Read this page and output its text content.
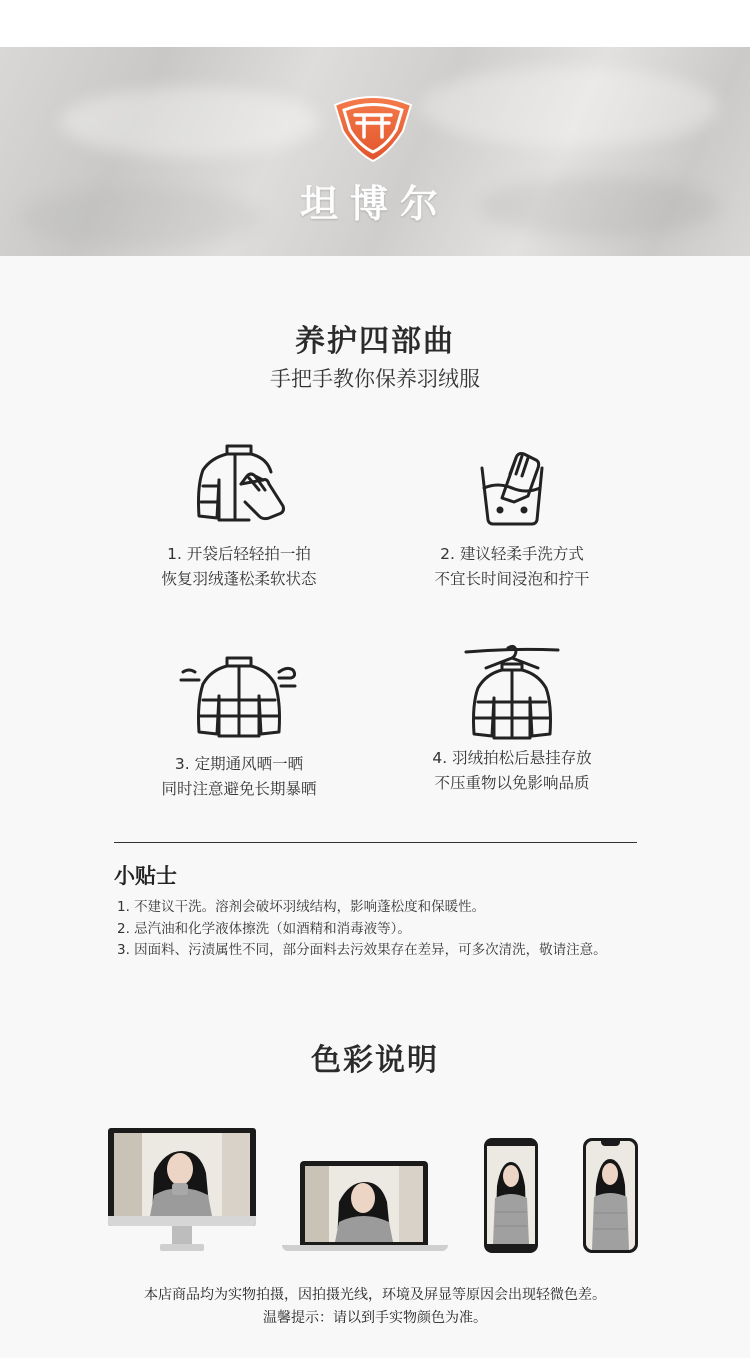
坦博尔
养护四部曲
手把手教你保养羽绒服
1. 开袋后轻轻拍一拍
恢复羽绒蓬松柔软状态
2. 建议轻柔手洗方式
不宜长时间浸泡和拧干
3. 定期通风晒一晒
同时注意避免长期暴晒
4. 羽绒拍松后悬挂存放
不压重物以免影响品质
小贴士
1. 不建议干洗。溶剂会破坏羽绒结构，影响蓬松度和保暖性。
2. 忌汽油和化学液体擦洗（如酒精和消毒液等）。
3. 因面料、污渍属性不同，部分面料去污效果存在差异，可多次清洗，敬请注意。
色彩说明
本店商品均为实物拍摄，因拍摄光线，环境及屏显等原因会出现轻微色差。
温馨提示：请以到手实物颜色为准。
